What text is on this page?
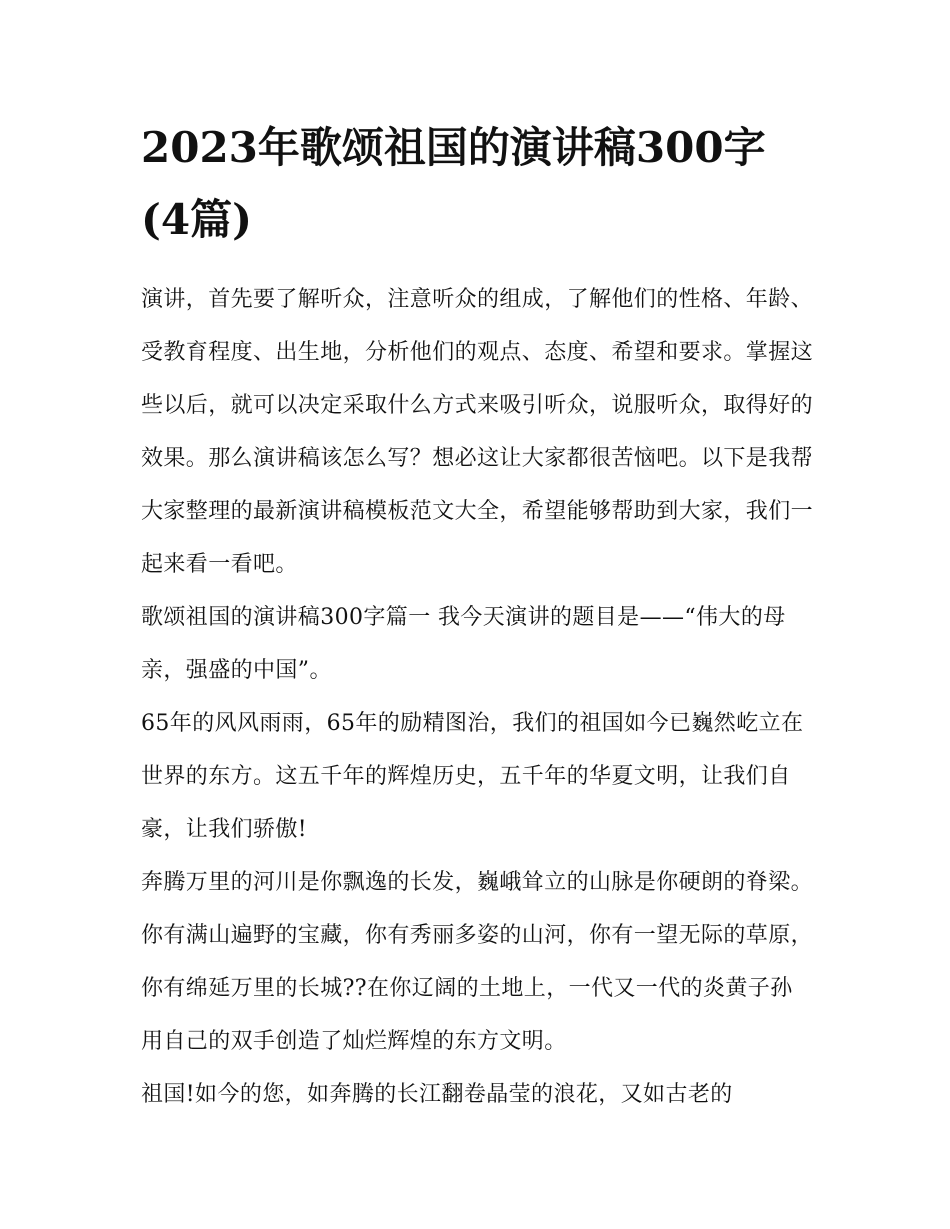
2023年歌颂祖国的演讲稿300字(4篇)

演讲，首先要了解听众，注意听众的组成，了解他们的性格、年龄、受教育程度、出生地，分析他们的观点、态度、希望和要求。掌握这些以后，就可以决定采取什么方式来吸引听众，说服听众，取得好的效果。那么演讲稿该怎么写？想必这让大家都很苦恼吧。以下是我帮大家整理的最新演讲稿模板范文大全，希望能够帮助到大家，我们一起来看一看吧。

歌颂祖国的演讲稿300字篇一 我今天演讲的题目是——“伟大的母亲，强盛的中国”。

65年的风风雨雨，65年的励精图治，我们的祖国如今已巍然屹立在世界的东方。这五千年的辉煌历史，五千年的华夏文明，让我们自豪，让我们骄傲!

奔腾万里的河川是你飘逸的长发，巍峨耸立的山脉是你硬朗的脊梁。你有满山遍野的宝藏，你有秀丽多姿的山河，你有一望无际的草原，你有绵延万里的长城??在你辽阔的土地上，一代又一代的炎黄子孙用自己的双手创造了灿烂辉煌的东方文明。

祖国!如今的您，如奔腾的长江翻卷晶莹的浪花，又如古老的
